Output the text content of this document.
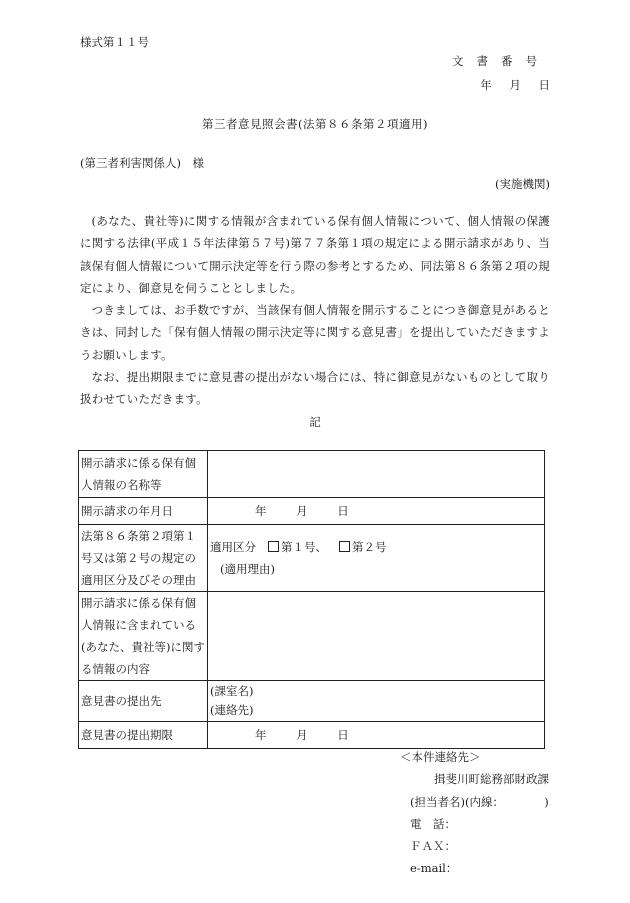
様式第１１号
文書番号
年 月 日
第三者意見照会書(法第８６条第２項適用)
(第三者利害関係人)　様
(実施機関)

(あなた、貴社等)に関する情報が含まれている保有個人情報について、個人情報の保護に関する法律(平成１５年法律第５７号)第７７条第１項の規定による開示請求があり、当該保有個人情報について開示決定等を行う際の参考とするため、同法第８６条第２項の規定により、御意見を伺うこととしました。

つきましては、お手数ですが、当該保有個人情報を開示することにつき御意見があるときは、同封した「保有個人情報の開示決定等に関する意見書」を提出していただきますようお願いします。

なお、提出期限までに意見書の提出がない場合には、特に御意見がないものとして取り扱わせていただきます。

記
開示請求に係る保有個人情報の名称等	
開示請求の年月日	年 月 日
法第８６条第２項第１号又は第２号の規定の適用区分及びその理由	適用区分 第１号、 第２号
(適用理由)

開示請求に係る保有個人情報に含まれている(あなた、貴社等)に関する情報の内容	
意見書の提出先	(課室名)
(連絡先)

意見書の提出期限	年 月 日
＜本件連絡先＞
揖斐川町総務部財政課
(担当者名)(内線：　　　　)
電　話：
ＦＡＸ：
e-mail：
